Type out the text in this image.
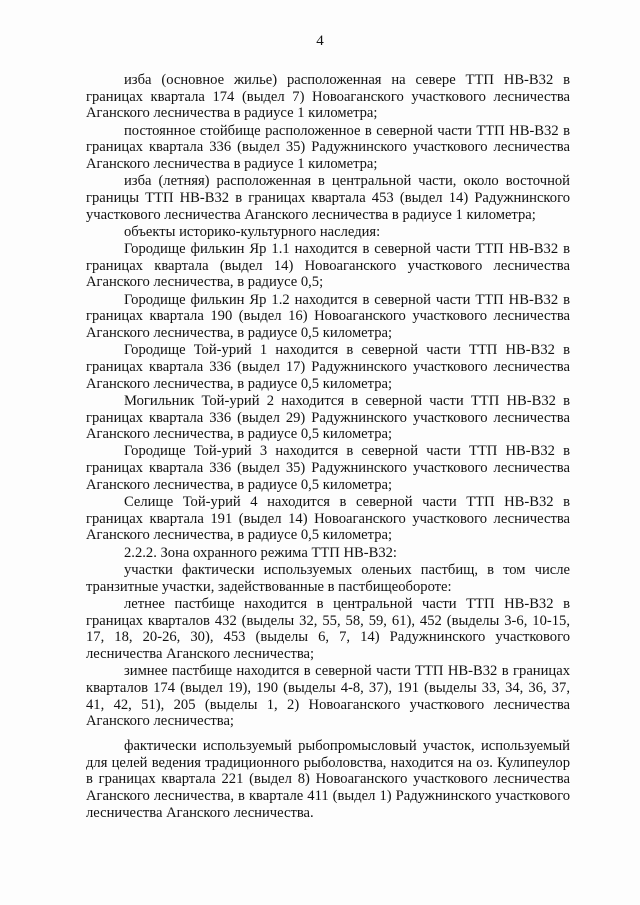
4

изба (основное жилье) расположенная на севере ТТП НВ-В32 в границах квартала 174 (выдел 7) Новоаганского участкового лесничества Аганского лесничества в радиусе 1 километра;

постоянное стойбище расположенное в северной части ТТП НВ-В32 в границах квартала 336 (выдел 35) Радужнинского участкового лесничества Аганского лесничества в радиусе 1 километра;

изба (летняя) расположенная в центральной части, около восточной границы ТТП НВ-В32 в границах квартала 453 (выдел 14) Радужнинского участкового лесничества Аганского лесничества в радиусе 1 километра;

объекты историко-культурного наследия:

Городище филькин Яр 1.1 находится в северной части ТТП НВ-В32 в границах квартала (выдел 14) Новоаганского участкового лесничества Аганского лесничества, в радиусе 0,5;

Городище филькин Яр 1.2 находится в северной части ТТП НВ-В32 в границах квартала 190 (выдел 16) Новоаганского участкового лесничества Аганского лесничества, в радиусе 0,5 километра;

Городище Той-урий 1 находится в северной части ТТП НВ-В32 в границах квартала 336 (выдел 17) Радужнинского участкового лесничества Аганского лесничества, в радиусе 0,5 километра;

Могильник Той-урий 2 находится в северной части ТТП НВ-В32 в границах квартала 336 (выдел 29) Радужнинского участкового лесничества Аганского лесничества, в радиусе 0,5 километра;

Городище Той-урий 3 находится в северной части ТТП НВ-В32 в границах квартала 336 (выдел 35) Радужнинского участкового лесничества Аганского лесничества, в радиусе 0,5 километра;

Селище Той-урий 4 находится в северной части ТТП НВ-В32 в границах квартала 191 (выдел 14) Новоаганского участкового лесничества Аганского лесничества, в радиусе 0,5 километра;

2.2.2. Зона охранного режима ТТП НВ-В32:

участки фактически используемых оленьих пастбищ, в том числе транзитные участки, задействованные в пастбищеобороте:

летнее пастбище находится в центральной части ТТП НВ-В32 в границах кварталов 432 (выделы 32, 55, 58, 59, 61), 452 (выделы 3-6, 10-15, 17, 18, 20-26, 30), 453 (выделы 6, 7, 14) Радужнинского участкового лесничества Аганского лесничества;

зимнее пастбище находится в северной части ТТП НВ-В32 в границах кварталов 174 (выдел 19), 190 (выделы 4-8, 37), 191 (выделы 33, 34, 36, 37, 41, 42, 51), 205 (выделы 1, 2) Новоаганского участкового лесничества Аганского лесничества;

фактически используемый рыбопромысловый участок, используемый для целей ведения традиционного рыболовства, находится на оз. Кулипеулор в границах квартала 221 (выдел 8) Новоаганского участкового лесничества Аганского лесничества, в квартале 411 (выдел 1) Радужнинского участкового лесничества Аганского лесничества.
